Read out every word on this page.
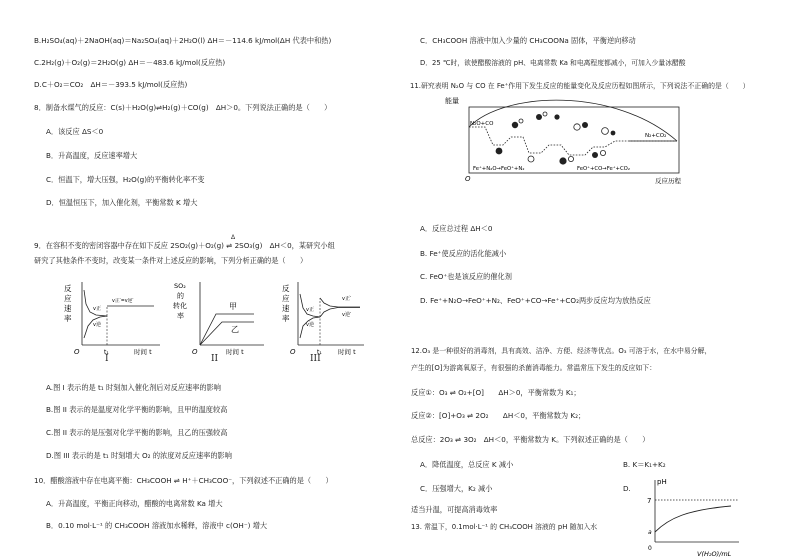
B.H₂SO₄(aq)＋2NaOH(aq)＝Na₂SO₄(aq)＋2H₂O(l) ΔH＝－114.6 kJ/mol(ΔH 代表中和热)
C.2H₂(g)＋O₂(g)＝2H₂O(g) ΔH＝－483.6 kJ/mol(反应热)
D.C＋O₂＝CO₂　ΔH＝－393.5 kJ/mol(反应热)
8．制备水煤气的反应：C(s)＋H₂O(g)⇌H₂(g)＋CO(g)　ΔH＞0。下列说法正确的是（　　）
A．该反应 ΔS＜0
B．升高温度，反应速率增大
C．恒温下，增大压强，H₂O(g)的平衡转化率不变
D．恒温恒压下，加入催化剂，平衡常数 K 增大
9．在容积不变的密闭容器中存在如下反应 2SO₂(g)＋O₂(g) ⇌ 2SO₃(g)　ΔH＜0，某研究小组
Δ
研究了其他条件不变时，改变某一条件对上述反应的影响，下列分析正确的是（　　）
反
应
速
率
O	t₁	时间 t
v正′=v逆′
v正
v逆
I
SO₂
的
转化
率
O
甲
乙
时间 t
II
反
应
速
率
O	t₁ 时间 t
v正′
v逆′
v正
v逆
III
A.图 I 表示的是 t₁ 时刻加入催化剂后对反应速率的影响
B.图 II 表示的是温度对化学平衡的影响，且甲的温度较高
C.图 II 表示的是压强对化学平衡的影响，且乙的压强较高
D.图 III 表示的是 t₁ 时刻增大 O₂ 的浓度对反应速率的影响
10．醋酸溶液中存在电离平衡：CH₃COOH ⇌ H⁺＋CH₃COO⁻，下列叙述不正确的是（　　）
A．升高温度，平衡正向移动，醋酸的电离常数 Ka 增大
B．0.10 mol·L⁻¹ 的 CH₃COOH 溶液加水稀释，溶液中 c(OH⁻) 增大
C．CH₃COOH 溶液中加入少量的 CH₃COONa 固体，平衡逆向移动
D．25 ℃时，欲使醋酸溶液的 pH、电离常数 Ka 和电离程度都减小，可加入少量冰醋酸
11.研究表明 N₂O 与 CO 在 Fe⁺作用下发生反应的能量变化及反应历程如图所示，下列说法不正确的是（　　）
能量
O	反应历程
N₂O+CO
N₂+CO₂
Fe⁺+N₂O→FeO⁺+N₂	FeO⁺+CO→Fe⁺+CO₂
A．反应总过程 ΔH＜0
B. Fe⁺使反应的活化能减小
C. FeO⁺也是该反应的催化剂
D. Fe⁺+N₂O→FeO⁺+N₂、FeO⁺+CO→Fe⁺+CO₂两步反应均为放热反应
12.O₃ 是一种很好的消毒剂，具有高效、洁净、方便、经济等优点。O₃ 可溶于水，在水中易分解，
产生的[O]为游离氧原子，有很强的杀菌消毒能力。常温常压下发生的反应如下：
反应①：O₃ ⇌ O₂+[O]　　ΔH＞0，平衡常数为 K₁；
反应②：[O]+O₃ ⇌ 2O₂　　ΔH＜0，平衡常数为 K₂；
总反应：2O₃ ⇌ 3O₂　ΔH＜0，平衡常数为 K。下列叙述正确的是（　　）
A．降低温度，总反应 K 减小	B. K＝K₁+K₂
C．压强增大，K₂ 减小	D.
适当升温，可提高消毒效率
13. 常温下，0.1mol·L⁻¹ 的 CH₃COOH 溶液的 pH 随加入水
pH
7
a
0
V(H₂O)/mL
